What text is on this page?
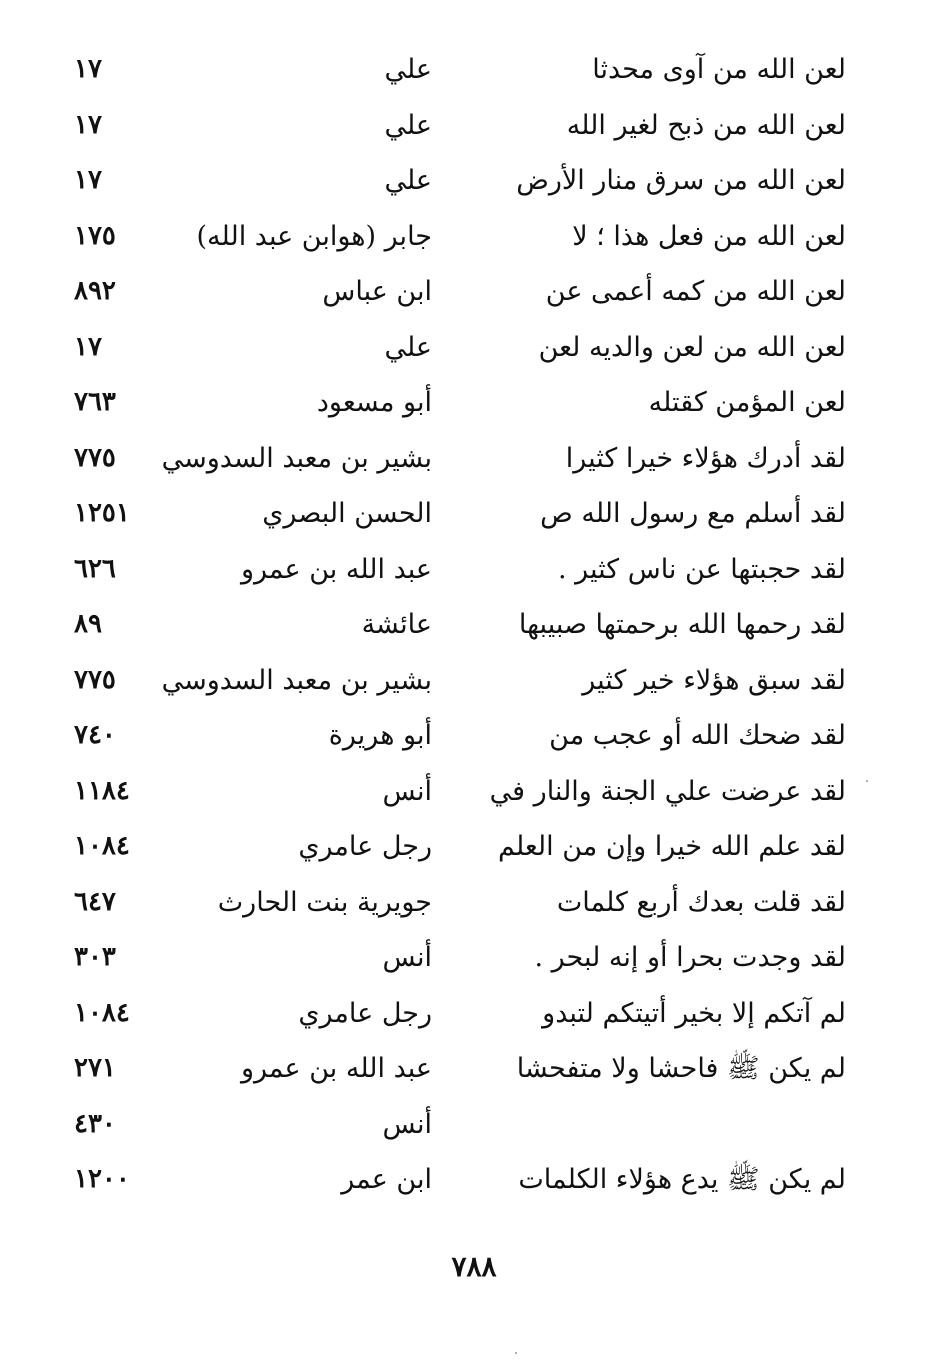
لعن الله من آوى محدثا
علي
١٧
لعن الله من ذبح لغير الله
علي
١٧
لعن الله من سرق منار الأرض
علي
١٧
لعن الله من فعل هذا ؛ لا
جابر (هوابن عبد الله)
١٧٥
لعن الله من كمه أعمى عن
ابن عباس
٨٩٢
لعن الله من لعن والديه لعن
علي
١٧
لعن المؤمن كقتله
أبو مسعود
٧٦٣
لقد أدرك هؤلاء خيرا كثيرا
بشير بن معبد السدوسي
٧٧٥
لقد أسلم مع رسول الله ص
الحسن البصري
١٢٥١
لقد حجبتها عن ناس كثير .
عبد الله بن عمرو
٦٢٦
لقد رحمها الله برحمتها صبيبها
عائشة
٨٩
لقد سبق هؤلاء خير كثير
بشير بن معبد السدوسي
٧٧٥
لقد ضحك الله أو عجب من
أبو هريرة
٧٤٠
لقد عرضت علي الجنة والنار في
أنس
١١٨٤
لقد علم الله خيرا وإن من العلم
رجل عامري
١٠٨٤
لقد قلت بعدك أربع كلمات
جويرية بنت الحارث
٦٤٧
لقد وجدت بحرا أو إنه لبحر .
أنس
٣٠٣
لم آتكم إلا بخير أتيتكم لتبدو
رجل عامري
١٠٨٤
لم يكن ﷺ فاحشا ولا متفحشا
عبد الله بن عمرو
٢٧١
أنس
٤٣٠
لم يكن ﷺ يدع هؤلاء الكلمات
ابن عمر
١٢٠٠
٧٨٨
